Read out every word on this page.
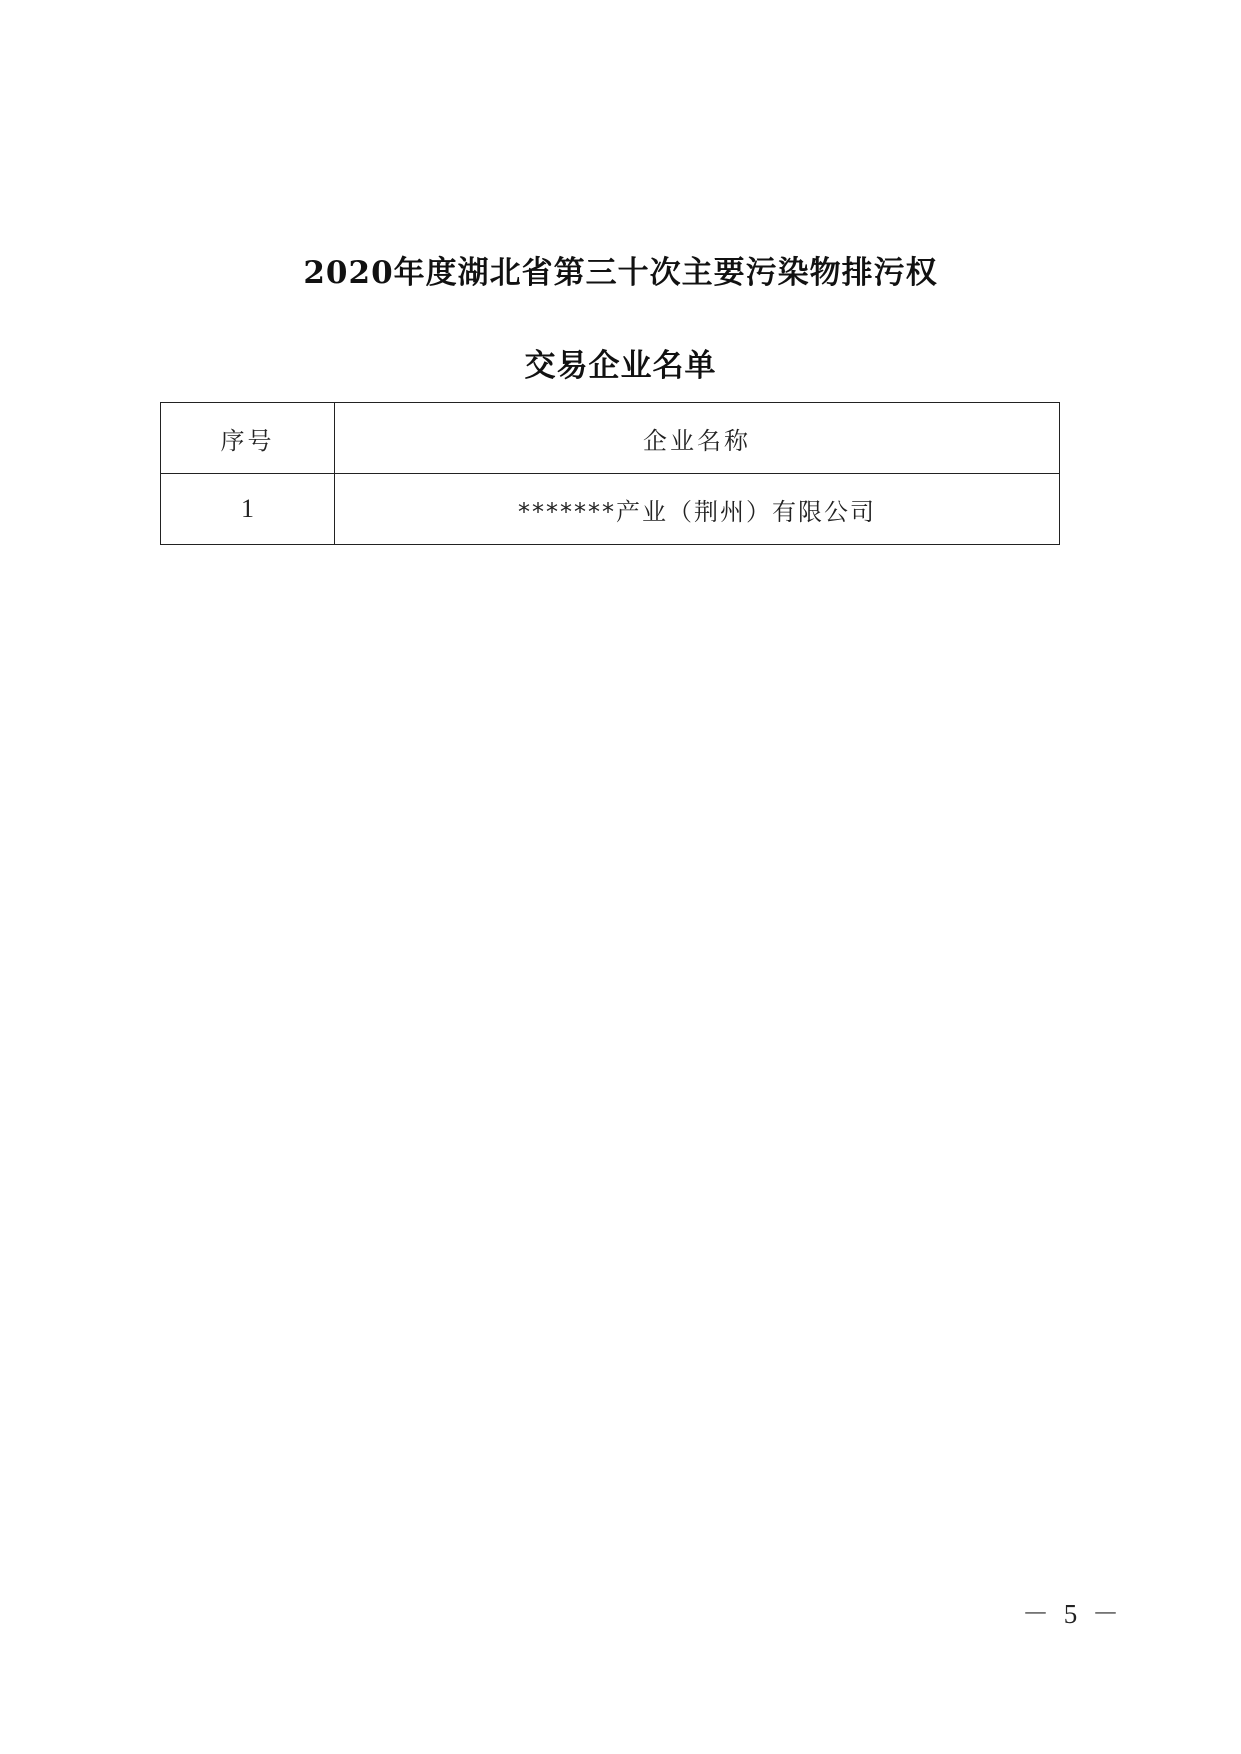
2020年度湖北省第三十次主要污染物排污权
交易企业名单
序号	企业名称
1	*******产业（荆州）有限公司
－ 5 －
